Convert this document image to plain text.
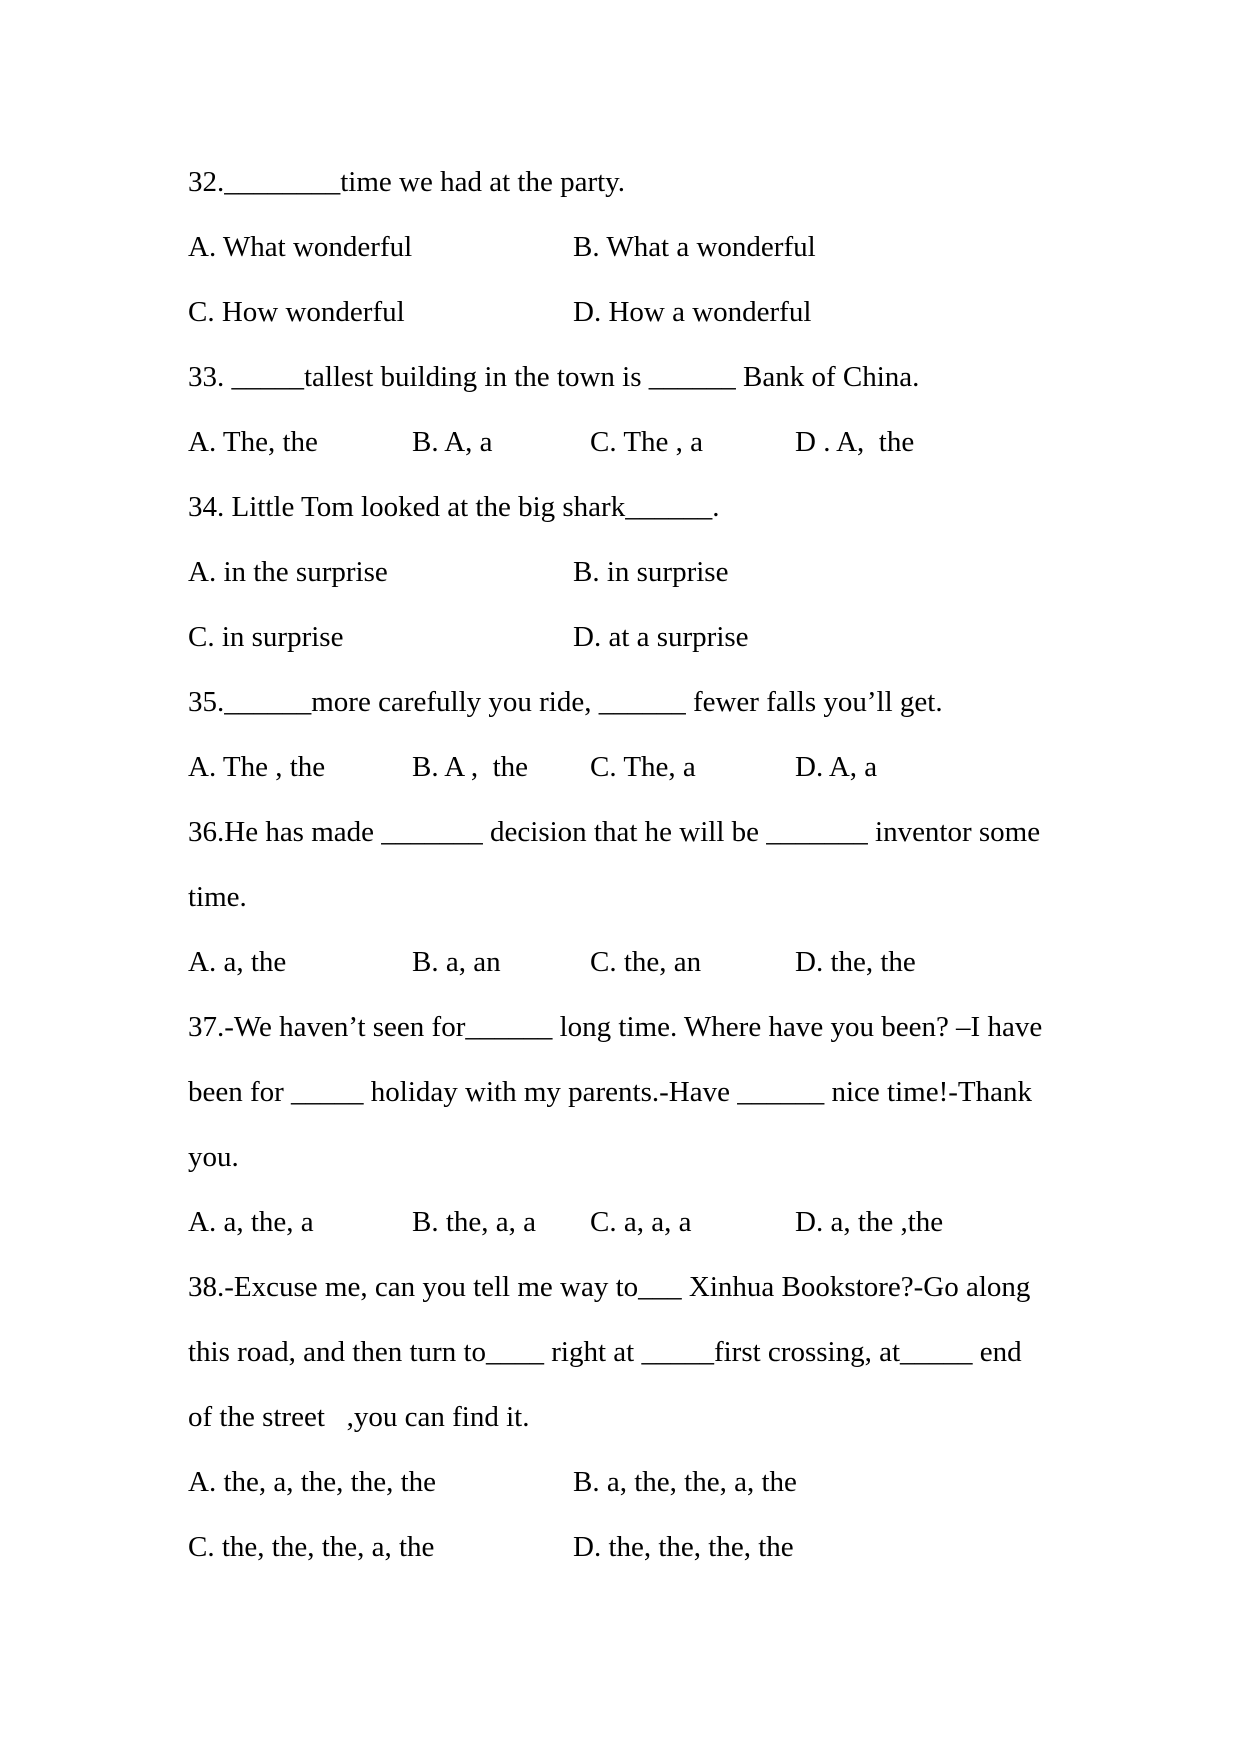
32.________time we had at the party.
A. What wonderful	B. What a wonderful
C. How wonderful	D. How a wonderful
33. _____tallest building in the town is ______ Bank of China.
A. The, the	B. A, a	C. The , a	D . A,  the
34. Little Tom looked at the big shark______.
A. in the surprise	B. in surprise
C. in surprise	D. at a surprise
35.______more carefully you ride, ______ fewer falls you’ll get.
A. The , the	B. A ,  the	C. The, a	D. A, a
36.He has made _______ decision that he will be _______ inventor some
time.
A. a, the	B. a, an	C. the, an	D. the, the
37.-We haven’t seen for______ long time. Where have you been? –I have
been for _____ holiday with my parents.-Have ______ nice time!-Thank
you.
A. a, the, a	B. the, a, a	C. a, a, a	D. a, the ,the
38.-Excuse me, can you tell me way to___ Xinhua Bookstore?-Go along
this road, and then turn to____ right at _____first crossing, at_____ end
of the street   ,you can find it.
A. the, a, the, the, the	B. a, the, the, a, the
C. the, the, the, a, the	D. the, the, the, the
